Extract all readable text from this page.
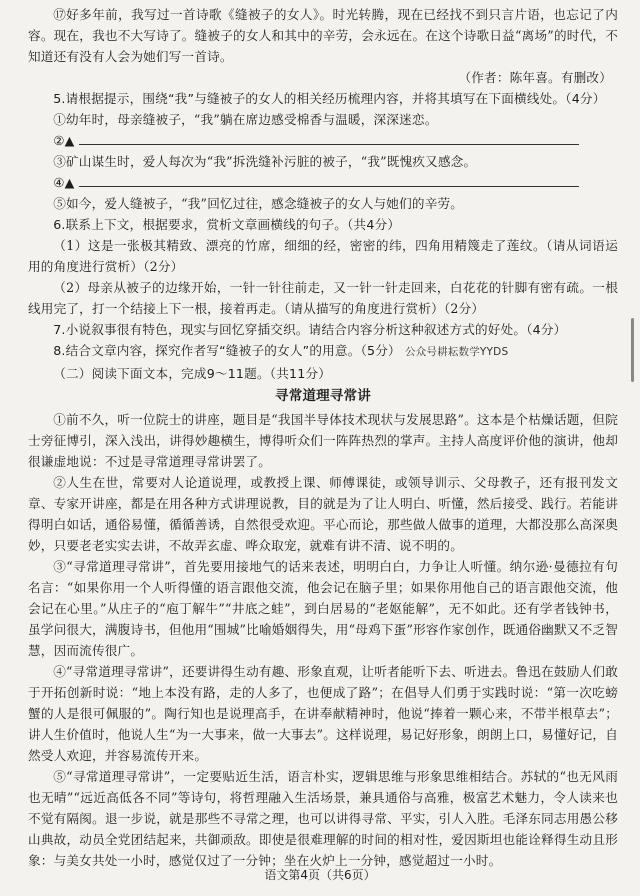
⑰好多年前，我写过一首诗歌《缝被子的女人》。时光转腾，现在已经找不到只言片语，也忘记了内容。现在，我也不大写诗了。缝被子的女人和其中的辛劳，会永远在。在这个诗歌日益“离场”的时代，不知道还有没有人会为她们写一首诗。

（作者：陈年喜。有删改）

5.请根据提示，围绕“我”与缝被子的女人的相关经历梳理内容，并将其填写在下面横线处。（4分）

①幼年时，母亲缝被子，“我”躺在席边感受棉香与温暖，深深迷恋。

②▲

③矿山谋生时，爱人每次为“我”拆洗缝补污脏的被子，“我”既愧疚又感念。

④▲

⑤如今，爱人缝被子，“我”回忆过往，感念缝被子的女人与她们的辛劳。

6.联系上下文，根据要求，赏析文章画横线的句子。（共4分）

（1）这是一张极其精致、漂亮的竹席，细细的经，密密的纬，四角用精篾走了莲纹。（请从词语运用的角度进行赏析）（2分）

（2）母亲从被子的边缘开始，一针一针往前走，又一针一针走回来，白花花的针脚有密有疏。一根线用完了，打一个结接上下一根，接着再走。（请从描写的角度进行赏析）（2分）

7.小说叙事很有特色，现实与回忆穿插交织。请结合内容分析这种叙述方式的好处。（4分）

8.结合文章内容，探究作者写“缝被子的女人”的用意。（5分） 公众号耕耘数学YYDS

（二）阅读下面文本，完成9～11题。（共11分）

寻常道理寻常讲

①前不久，听一位院士的讲座，题目是“我国半导体技术现状与发展思路”。这本是个枯燥话题，但院士旁征博引，深入浅出，讲得妙趣横生，博得听众们一阵阵热烈的掌声。主持人高度评价他的演讲，他却很谦虚地说：不过是寻常道理寻常讲罢了。

②人生在世，常要对人论道说理，或教授上课、师傅课徒，或领导训示、父母教子，还有报刊发文章、专家开讲座，都是在用各种方式讲理说教，目的就是为了让人明白、听懂，然后接受、践行。若能讲得明白如话，通俗易懂，循循善诱，自然很受欢迎。平心而论，那些做人做事的道理，大都没那么高深奥妙，只要老老实实去讲，不故弄玄虚、哗众取宠，就难有讲不清、说不明的。

③“寻常道理寻常讲”，首先要用接地气的话来表述，明明白白，力争让人听懂。纳尔逊·曼德拉有句名言：“如果你用一个人听得懂的语言跟他交流，他会记在脑子里；如果你用他自己的语言跟他交流，他会记在心里。”从庄子的“庖丁解牛”“井底之蛙”，到白居易的“老妪能解”，无不如此。还有学者钱钟书，虽学问很大，满腹诗书，但他用“围城”比喻婚姻得失，用“母鸡下蛋”形容作家创作，既通俗幽默又不乏智慧，因而流传很广。

④“寻常道理寻常讲”，还要讲得生动有趣、形象直观，让听者能听下去、听进去。鲁迅在鼓励人们敢于开拓创新时说：“地上本没有路，走的人多了，也便成了路”；在倡导人们勇于实践时说：“第一次吃螃蟹的人是很可佩服的”。陶行知也是说理高手，在讲奉献精神时，他说“捧着一颗心来，不带半根草去”；讲人生价值时，他说人生“为一大事来，做一大事去”。这样说理，易记好形象，朗朗上口，易懂好记，自然受人欢迎，并容易流传开来。

⑤“寻常道理寻常讲”，一定要贴近生活，语言朴实，逻辑思维与形象思维相结合。苏轼的“也无风雨也无晴”“远近高低各不同”等诗句，将哲理融入生活场景，兼具通俗与高雅，极富艺术魅力，令人读来也不觉有隔阂。退一步说，就是那些不寻常之理，也可以讲得寻常、平实，引人入胜。毛泽东同志用愚公移山典故，动员全党团结起来，共御顽敌。即使是很难理解的时间的相对性，爱因斯坦也能诠释得生动且形象：与美女共处一小时，感觉仅过了一分钟；坐在火炉上一分钟，感觉超过一小时。

语文第4页（共6页）
